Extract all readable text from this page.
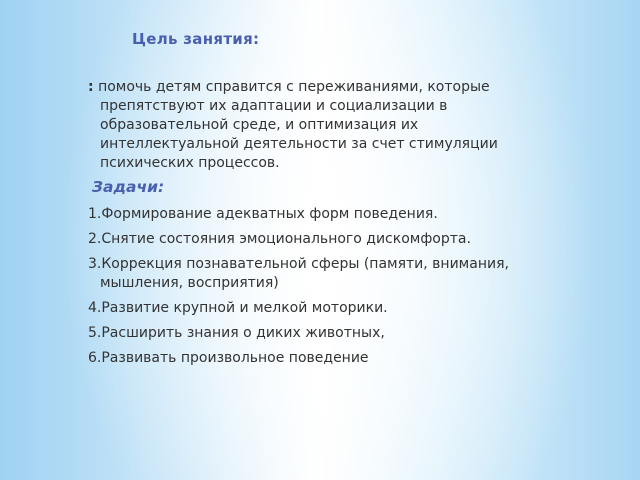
Цель занятия:
: помочь детям справится с переживаниями, которые препятствуют их адаптации и социализации в образовательной среде, и оптимизация их интеллектуальной деятельности за счет стимуляции психических процессов.
Задачи:
1.Формирование адекватных форм поведения.
2.Снятие состояния эмоционального дискомфорта.
3.Коррекция познавательной сферы (памяти, внимания, мышления, восприятия)
4.Развитие крупной и мелкой моторики.
5.Расширить знания о диких животных,
6.Развивать произвольное поведение
